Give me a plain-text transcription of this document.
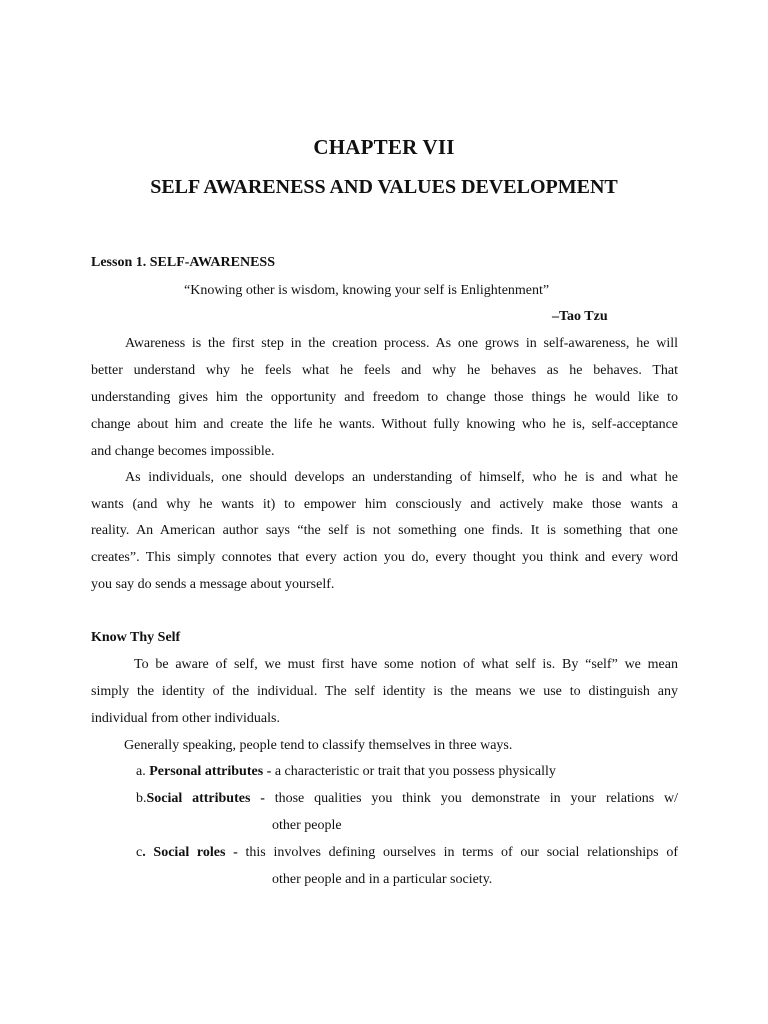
CHAPTER VII
SELF AWARENESS AND VALUES DEVELOPMENT
Lesson 1. SELF-AWARENESS
“Knowing other is wisdom, knowing your self is Enlightenment”
–Tao Tzu
Awareness is the first step in the creation process. As one grows in self-awareness, he will
better understand why he feels what he feels and why he behaves as he behaves. That
understanding gives him the opportunity and freedom to change those things he would like to
change about him and create the life he wants. Without fully knowing who he is, self-acceptance
and change becomes impossible.
As individuals, one should develops an understanding of himself, who he is and what he
wants (and why he wants it) to empower him consciously and actively make those wants a
reality. An American author says “the self is not something one finds. It is something that one
creates”. This simply connotes that every action you do, every thought you think and every word
you say do sends a message about yourself.
Know Thy Self
To be aware of self, we must first have some notion of what self is. By “self” we mean
simply the identity of the individual. The self identity is the means we use to distinguish any
individual from other individuals.
Generally speaking, people tend to classify themselves in three ways.
a. Personal attributes - a characteristic or trait that you possess physically
b.Social attributes - those qualities you think you demonstrate in your relations w/
other people
c. Social roles - this involves defining ourselves in terms of our social relationships of
other people and in a particular society.
